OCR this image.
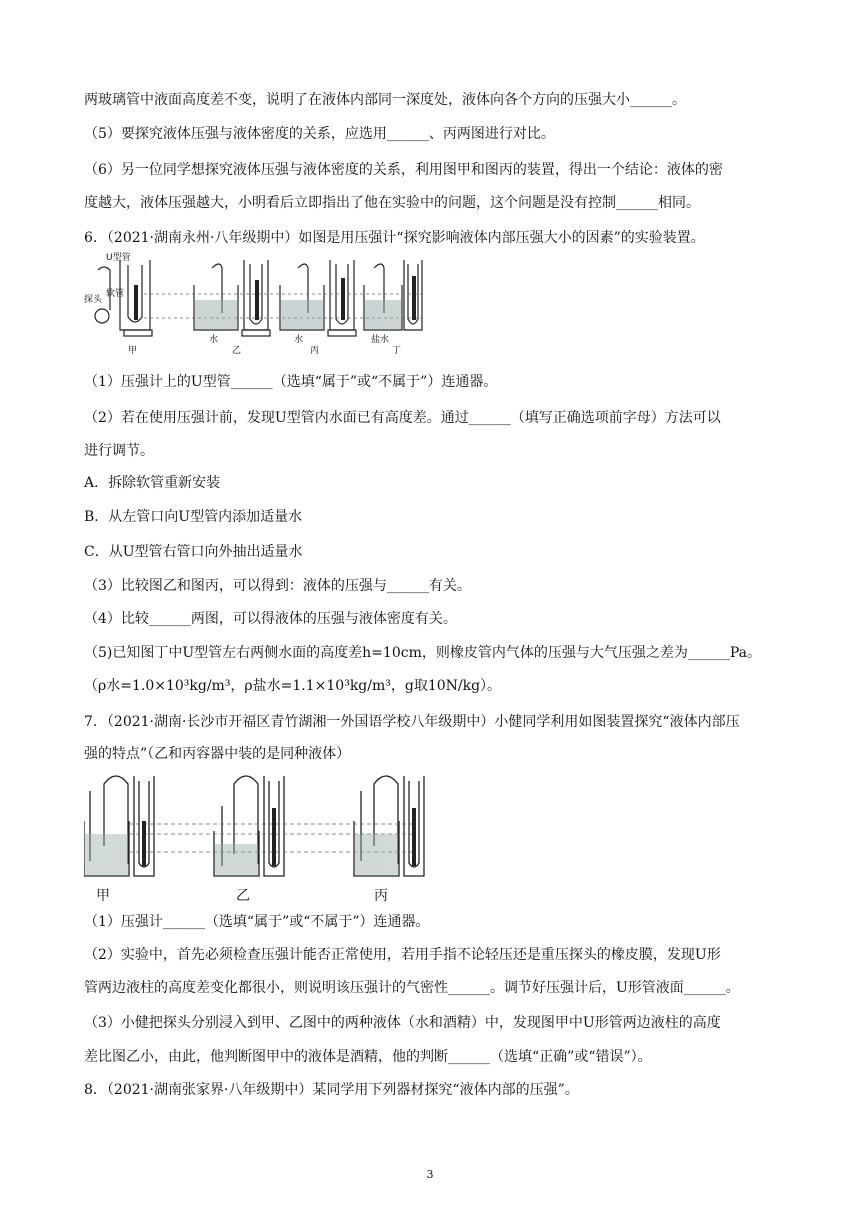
两玻璃管中液面高度差不变，说明了在液体内部同一深度处，液体向各个方向的压强大小______。
（5）要探究液体压强与液体密度的关系，应选用______、丙两图进行对比。
（6）另一位同学想探究液体压强与液体密度的关系，利用图甲和图丙的装置，得出一个结论：液体的密
度越大，液体压强越大，小明看后立即指出了他在实验中的问题，这个问题是没有控制______相同。
6．（2021·湖南永州·八年级期中）如图是用压强计“探究影响液体内部压强大小的因素”的实验装置。
U型管
探头
软管
水	水	盐水
甲	乙	丙	丁
（1）压强计上的U型管______（选填“属于”或“不属于”）连通器。
（2）若在使用压强计前，发现U型管内水面已有高度差。通过______（填写正确选项前字母）方法可以
进行调节。
A．拆除软管重新安装
B．从左管口向U型管内添加适量水
C．从U型管右管口向外抽出适量水
（3）比较图乙和图丙，可以得到：液体的压强与______有关。
（4）比较______两图，可以得液体的压强与液体密度有关。
（5)已知图丁中U型管左右两侧水面的高度差h=10cm，则橡皮管内气体的压强与大气压强之差为______Pa。
（ρ水=1.0×10³kg/m³，ρ盐水=1.1×10³kg/m³，g取10N/kg）。
7．（2021·湖南·长沙市开福区青竹湖湘一外国语学校八年级期中）小健同学利用如图装置探究“液体内部压
强的特点”（乙和丙容器中装的是同种液体）
甲	乙	丙
（1）压强计______（选填“属于”或“不属于”）连通器。
（2）实验中，首先必须检查压强计能否正常使用，若用手指不论轻压还是重压探头的橡皮膜，发现U形
管两边液柱的高度差变化都很小，则说明该压强计的气密性______。调节好压强计后，U形管液面______。
（3）小健把探头分别浸入到甲、乙图中的两种液体（水和酒精）中，发现图甲中U形管两边液柱的高度
差比图乙小，由此，他判断图甲中的液体是酒精，他的判断______（选填“正确”或“错误”）。
8．（2021·湖南张家界·八年级期中）某同学用下列器材探究“液体内部的压强”。
3
